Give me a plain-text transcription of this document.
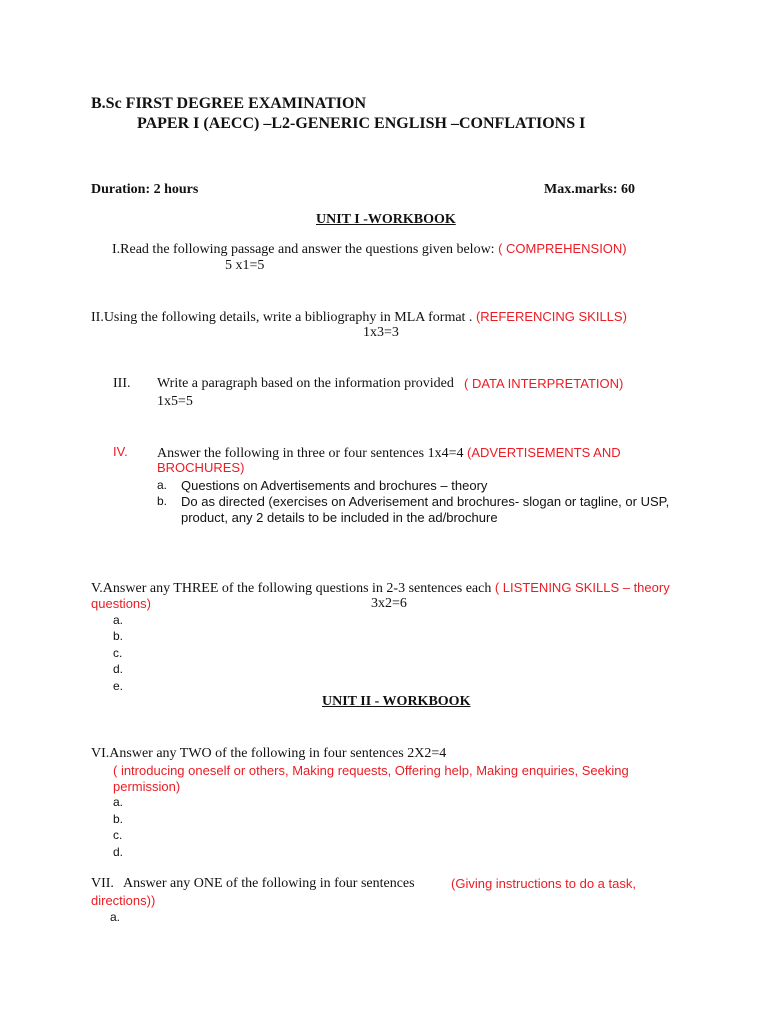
B.Sc FIRST DEGREE EXAMINATION
PAPER I (AECC) –L2-GENERIC ENGLISH –CONFLATIONS I
Duration: 2 hours	Max.marks: 60
UNIT I -WORKBOOK
I.Read the following passage and answer the questions given below: ( COMPREHENSION)
5 x1=5
II.Using the following details, write a bibliography in MLA format . (REFERENCING SKILLS)
1x3=3
III. Write a paragraph based on the information provided ( DATA INTERPRETATION)
1x5=5
IV. Answer the following in three or four sentences 1x4=4 (ADVERTISEMENTS AND
BROCHURES)
a. Questions on Advertisements and brochures – theory
b. Do as directed (exercises on Adverisement and brochures- slogan or tagline, or USP,
product, any 2 details to be included in the ad/brochure
V.Answer any THREE of the following questions in 2-3 sentences each ( LISTENING SKILLS – theory
questions)	3x2=6
a.
b.
c.
d.
e.
UNIT II - WORKBOOK
VI.Answer any TWO of the following in four sentences 2X2=4
( introducing oneself or others, Making requests, Offering help, Making enquiries, Seeking
permission)
a.
b.
c.
d.
VII. Answer any ONE of the following in four sentences	(Giving instructions to do a task,
directions))
a.
